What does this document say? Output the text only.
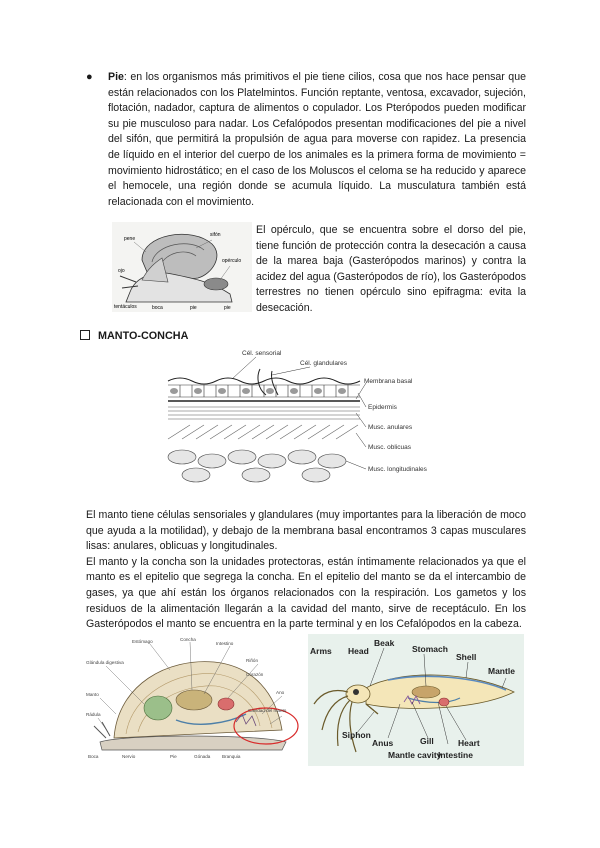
● Pie: en los organismos más primitivos el pie tiene cilios, cosa que nos hace pensar que están relacionados con los Platelmintos. Función reptante, ventosa, excavador, sujeción, flotación, nadador, captura de alimentos o copulador. Los Pterópodos pueden modificar su pie musculoso para nadar. Los Cefalópodos presentan modificaciones del pie a nivel del sifón, que permitirá la propulsión de agua para moverse con rapidez. La presencia de líquido en el interior del cuerpo de los animales es la primera forma de movimiento = movimiento hidrostático; en el caso de los Moluscos el celoma se ha reducido y aparece el hemocele, una región donde se acumula líquido. La musculatura también está relacionada con el movimiento.

pene
sifón
ojo
opérculo
tentáculos	boca	pie	pie

El opérculo, que se encuentra sobre el dorso del pie, tiene función de protección contra la desecación a causa de la marea baja (Gasterópodos marinos) y contra la acidez del agua (Gasterópodos de río), los Gasterópodos terrestres no tienen opérculo sino epifragma: evita la desecación.

MANTO-CONCHA
Cél. sensorial
Cél. glandulares
Membrana basal
Epidermis
Musc. anulares
Musc. oblicuas
Musc. longitudinales
El manto tiene células sensoriales y glandulares (muy importantes para la liberación de moco que ayuda a la motilidad), y debajo de la membrana basal encontramos 3 capas musculares lisas: anulares, oblicuas y longitudinales.
El manto y la concha son la unidades protectoras, están íntimamente relacionados ya que el manto es el epitelio que segrega la concha. En el epitelio del manto se da el intercambio de gases, ya que ahí están los órganos relacionados con la respiración. Los gametos y los residuos de la alimentación llegarán a la cavidad del manto, sirve de receptáculo. En los Gasterópodos el manto se encuentra en la parte terminal y en los Cefalópodos en la cabeza.
Estómago	Concha
Glándula digestiva
Intestino
Riñón
Corazón
Ano
Cavidad del manto
Manto
Rádula
Boca	Nervio	Pie	Gónada	Branquia
Arms Head
Beak
Stomach
Shell
Mantle
Siphon
Anus	Gill	Heart
Intestine
Mantle cavity
